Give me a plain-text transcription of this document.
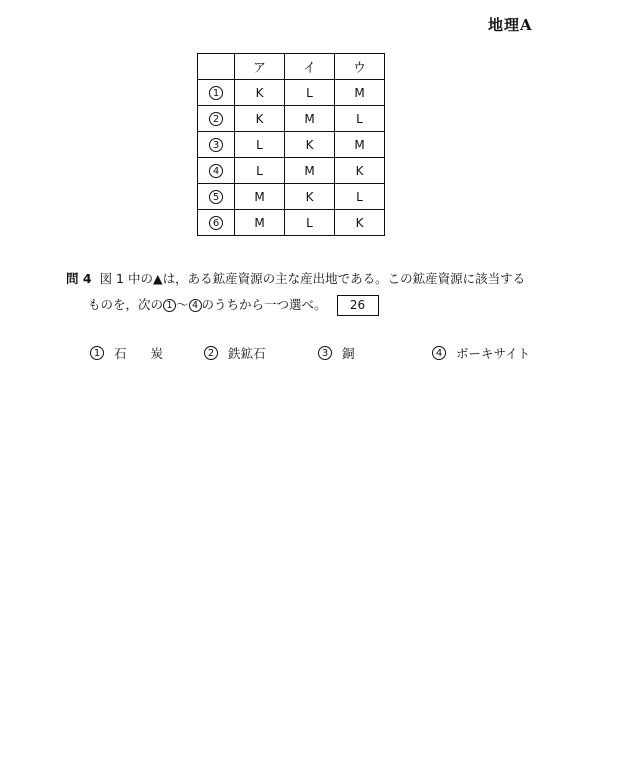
地理A
	ア	イ	ウ
1	K	L	M
2	K	M	L
3	L	K	M
4	L	M	K
5	M	K	L
6	M	L	K
問 4 図 1 中の▲は，ある鉱産資源の主な産出地である。この鉱産資源に該当する
ものを，次の 1 ～ 4 のうちから一つ選べ。 26
1	石 炭	2	鉄鉱石	3	銅	4	ボーキサイト
